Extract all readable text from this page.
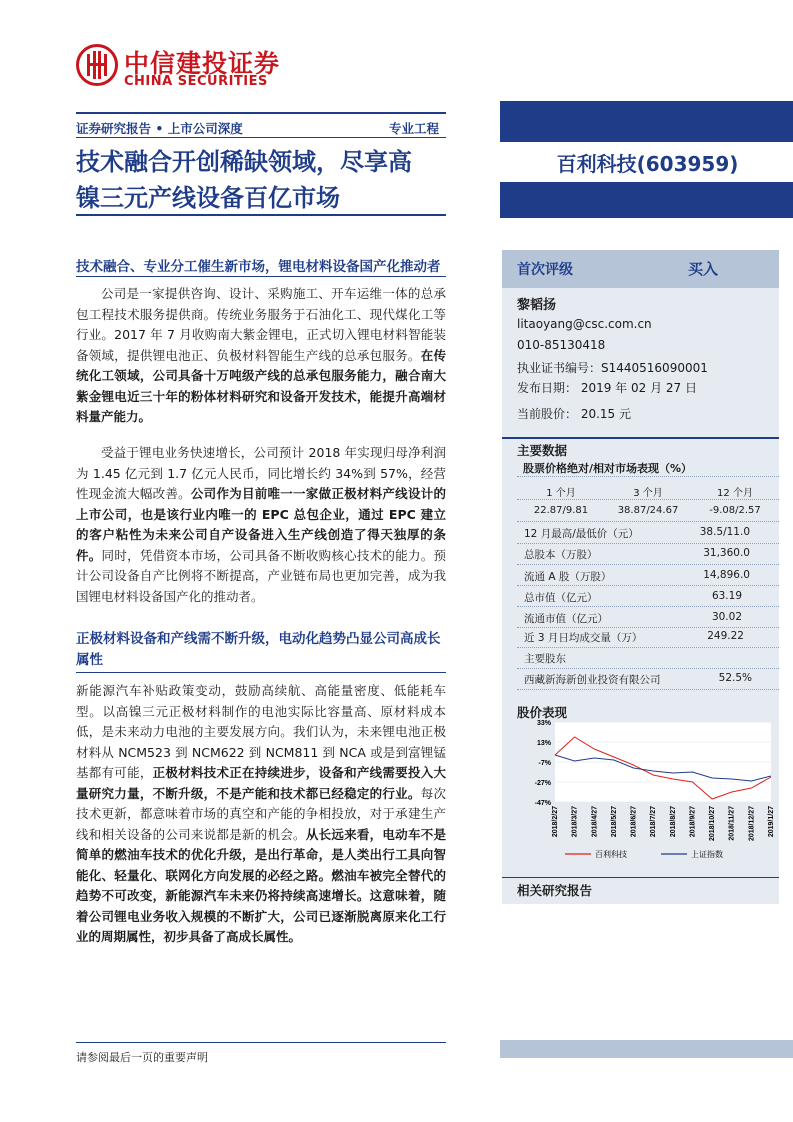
中信建投证券
CHINA SECURITIES
证券研究报告 • 上市公司深度	专业工程
技术融合开创稀缺领域，尽享高
镍三元产线设备百亿市场
百利科技(603959)
首次评级	买入
黎韬扬
litaoyang@csc.com.cn
010-85130418
执业证书编号：S1440516090001
发布日期： 2019 年 02 月 27 日
当前股价： 20.15 元
主要数据
股票价格绝对/相对市场表现（%）
1 个月	3 个月	12 个月
22.87/9.81	38.87/24.67	-9.08/2.57
12 月最高/最低价（元）	38.5/11.0
总股本（万股）	31,360.0
流通 A 股（万股）	14,896.0
总市值（亿元）	63.19
流通市值（亿元）	30.02
近 3 月日均成交量（万）	249.22
主要股东
西藏新海新创业投资有限公司	52.5%
股价表现
33%
13%
-7%
-27%
-47%
2018/2/27 2018/3/27 2018/4/27 2018/5/27 2018/6/27 2018/7/27 2018/8/27 2018/9/27 2018/10/27 2018/11/27 2018/12/27 2019/1/27
百利科技	上证指数
相关研究报告
技术融合、专业分工催生新市场，锂电材料设备国产化推动者
公司是一家提供咨询、设计、采购施工、开车运维一体的总承包工程技术服务提供商。传统业务服务于石油化工、现代煤化工等行业。2017 年 7 月收购南大紫金锂电，正式切入锂电材料智能装备领域，提供锂电池正、负极材料智能生产线的总承包服务。在传统化工领域，公司具备十万吨级产线的总承包服务能力，融合南大紫金锂电近三十年的粉体材料研究和设备开发技术，能提升高端材料量产能力。
受益于锂电业务快速增长，公司预计 2018 年实现归母净利润为 1.45 亿元到 1.7 亿元人民币，同比增长约 34%到 57%，经营性现金流大幅改善。公司作为目前唯一一家做正极材料产线设计的上市公司，也是该行业内唯一的 EPC 总包企业，通过 EPC 建立的客户粘性为未来公司自产设备进入生产线创造了得天独厚的条件。同时，凭借资本市场，公司具备不断收购核心技术的能力。预计公司设备自产比例将不断提高，产业链布局也更加完善，成为我国锂电材料设备国产化的推动者。
正极材料设备和产线需不断升级，电动化趋势凸显公司高成长属性
新能源汽车补贴政策变动，鼓励高续航、高能量密度、低能耗车型。以高镍三元正极材料制作的电池实际比容量高、原材料成本低，是未来动力电池的主要发展方向。我们认为，未来锂电池正极材料从 NCM523 到 NCM622 到 NCM811 到 NCA 或是到富锂锰基都有可能，正极材料技术正在持续进步，设备和产线需要投入大量研究力量，不断升级，不是产能和技术都已经稳定的行业。每次技术更新，都意味着市场的真空和产能的争相投放，对于承建生产线和相关设备的公司来说都是新的机会。从长远来看，电动车不是简单的燃油车技术的优化升级，是出行革命，是人类出行工具向智能化、轻量化、联网化方向发展的必经之路。燃油车被完全替代的趋势不可改变，新能源汽车未来仍将持续高速增长。这意味着，随着公司锂电业务收入规模的不断扩大，公司已逐渐脱离原来化工行业的周期属性，初步具备了高成长属性。
请参阅最后一页的重要声明
